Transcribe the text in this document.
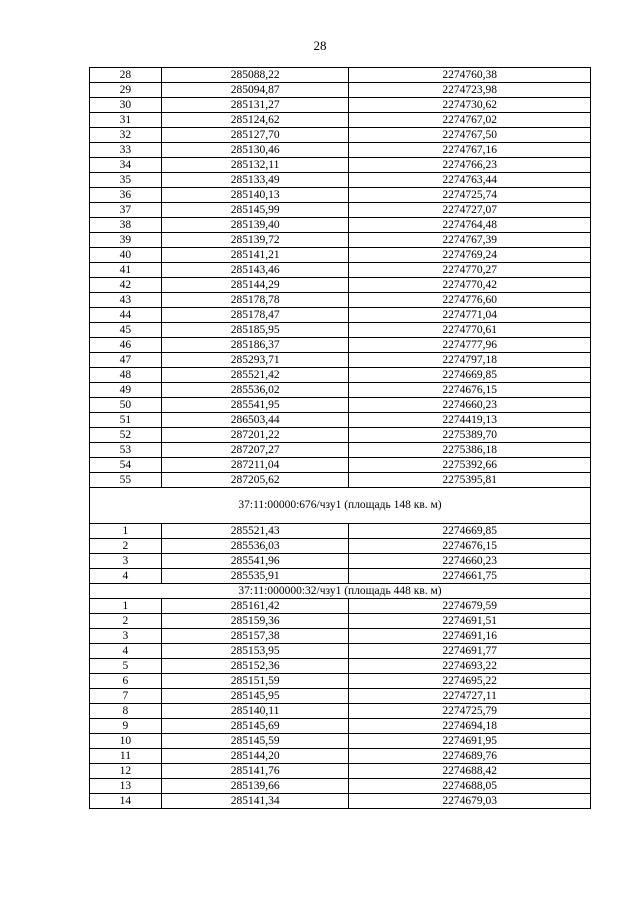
28
28	285088,22	2274760,38
29	285094,87	2274723,98
30	285131,27	2274730,62
31	285124,62	2274767,02
32	285127,70	2274767,50
33	285130,46	2274767,16
34	285132,11	2274766,23
35	285133,49	2274763,44
36	285140,13	2274725,74
37	285145,99	2274727,07
38	285139,40	2274764,48
39	285139,72	2274767,39
40	285141,21	2274769,24
41	285143,46	2274770,27
42	285144,29	2274770,42
43	285178,78	2274776,60
44	285178,47	2274771,04
45	285185,95	2274770,61
46	285186,37	2274777,96
47	285293,71	2274797,18
48	285521,42	2274669,85
49	285536,02	2274676,15
50	285541,95	2274660,23
51	286503,44	2274419,13
52	287201,22	2275389,70
53	287207,27	2275386,18
54	287211,04	2275392,66
55	287205,62	2275395,81
37:11:00000:676/чзу1 (площадь 148 кв. м)		
1	285521,43	2274669,85
2	285536,03	2274676,15
3	285541,96	2274660,23
4	285535,91	2274661,75
37:11:000000:32/чзу1 (площадь 448 кв. м)		
1	285161,42	2274679,59
2	285159,36	2274691,51
3	285157,38	2274691,16
4	285153,95	2274691,77
5	285152,36	2274693,22
6	285151,59	2274695,22
7	285145,95	2274727,11
8	285140,11	2274725,79
9	285145,69	2274694,18
10	285145,59	2274691,95
11	285144,20	2274689,76
12	285141,76	2274688,42
13	285139,66	2274688,05
14	285141,34	2274679,03
